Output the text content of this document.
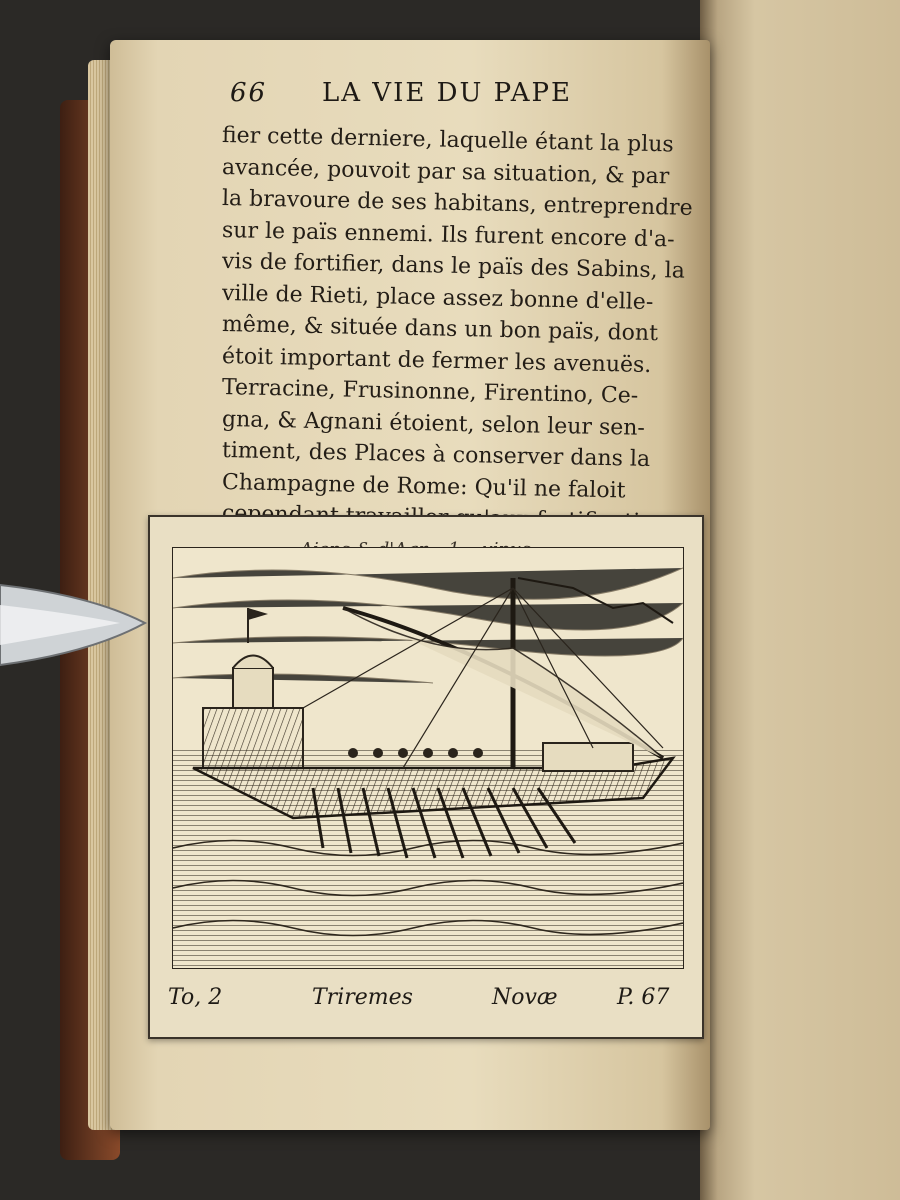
66 LA VIE DU PAPE
fier cette derniere, laquelle étant la plus
avancée, pouvoit par sa situation, & par
la bravoure de ses habitans, entreprendre
sur le païs ennemi. Ils furent encore d'a-
vis de fortifier, dans le païs des Sabins, la
ville de Rieti, place assez bonne d'elle-
même, & située dans un bon païs, dont
étoit important de fermer les avenuës.
Terracine, Frusinonne, Firentino, Ce-
gna, & Agnani étoient, selon leur sen-
timent, des Places à conserver dans la
Champagne de Rome: Qu'il ne faloit
To, 2	Triremes	Novæ	P. 67
